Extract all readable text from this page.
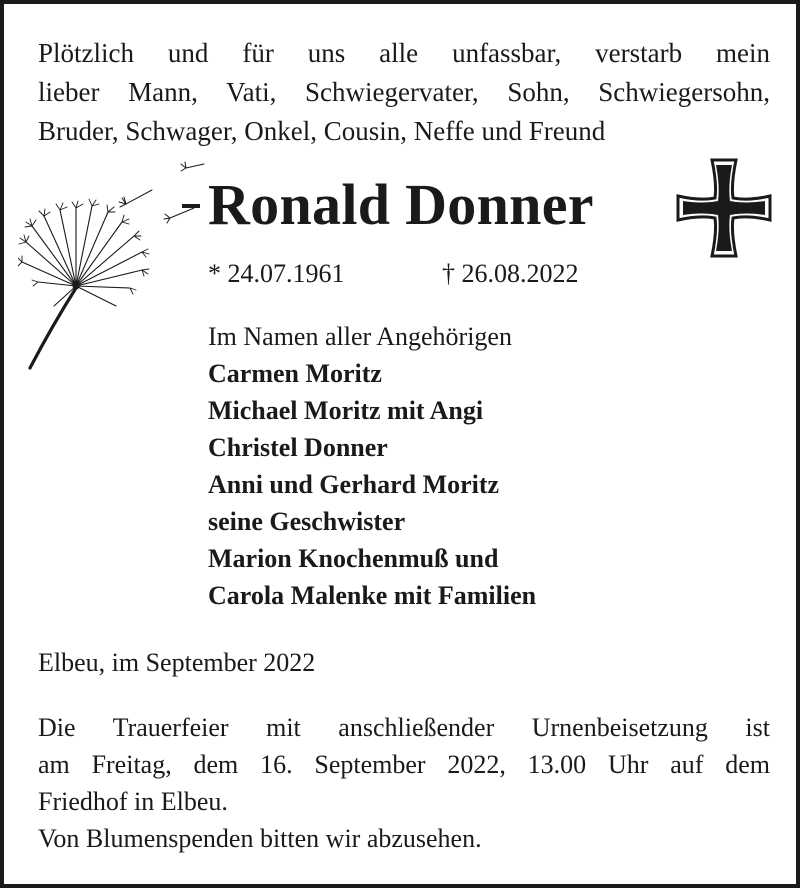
Plötzlich und für uns alle unfassbar, verstarb mein
lieber Mann, Vati, Schwiegervater, Sohn, Schwiegersohn,
Bruder, Schwager, Onkel, Cousin, Neffe und Freund
Ronald Donner
* 24.07.1961	† 26.08.2022
Im Namen aller Angehörigen
Carmen Moritz
Michael Moritz mit Angi
Christel Donner
Anni und Gerhard Moritz
seine Geschwister
Marion Knochenmuß und
Carola Malenke mit Familien
Elbeu, im September 2022
Die Trauerfeier mit anschließender Urnenbeisetzung ist
am Freitag, dem 16. September 2022, 13.00 Uhr auf dem
Friedhof in Elbeu.
Von Blumenspenden bitten wir abzusehen.
